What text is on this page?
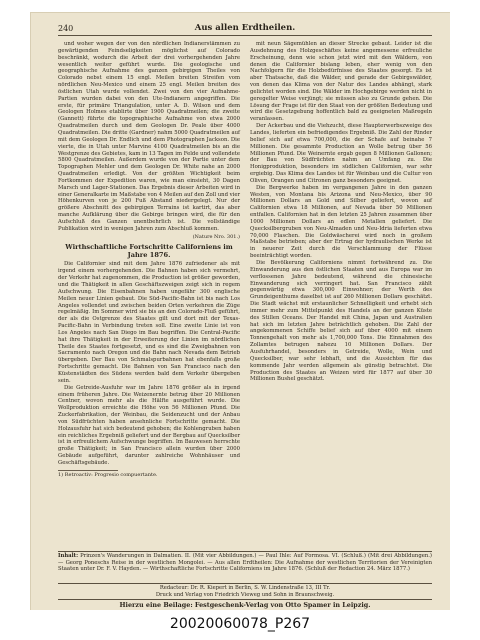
240	Aus allen Erdtheilen.

und woher wegen der von den nördlichen Indianerstämmen zu gewärtigenden Feindseligkeiten möglichst auf Colorado beschränkt, wodurch die Arbeit der drei vorhergehenden Jahre wesentlich weiter geführt wurde. Die geologische und geographische Aufnahme des ganzen gebirgigen Theiles von Colorado nebst einem 15 engl. Meilen breiten Streifen vom nördlichen Neu-Mexico und einem 25 engl. Meilen breiten des östlichen Utah wurde vollendet. Zwei von den vier Aufnahme-Partien wurden dabei von den Ute-Indianern angegriffen. Die erste, für primäre Triangulation, unter A. D. Wilson und dem Geologen Holmes etablirte über 1900 Quadratmeilen; die zweite (Gannett) führte die topographische Aufnahme von etwa 2000 Quadratmeilen durch und dem Geologen Dr. Peale über 4000 Quadratmeilen. Die dritte (Gardner) nahm 5000 Quadratmeilen auf mit dem Geologen Dr. Endlich und dem Photographen Jackson. Die vierte, die in Utah unter Marvine 4100 Quadratmeilen bis an die Westgrenze des Gebietes, kam in 13 Tagen im Felde und vollendete 5800 Quadratmeilen. Außerdem wurde von der Partie unter dem Topographen Mehler und dem Geologen Dr. White nahe an 2000 Quadratmeilen erledigt. Von der größten Wichtigkeit beim Fortkommen der Expedition waren, wie man einsieht, 30 Dagen Marsch und Lager-Stationen. Das Ergebnis dieser Arbeiten wird in einer Generalkarte im Maßstabe von 4 Meilen auf den Zoll und vier Höhenkurven von je 200 Fuß Abstand niedergelegt. Nur der größere Abschnitt des gebirgigen Terrains ist kartirt, das aber manche Aufklärung über die Gebirge bringen wird, die für den Aufschluß des Ganzen unentbehrlich ist. Die vollständige Publikation wird in wenigen Jahren zum Abschluß kommen.

(Nature Nro. 301.)

Wirthschaftliche Fortschritte Californiens im Jahre 1876.

Die Californier sind mit dem Jahre 1876 zufriedener als mit irgend einem vorhergehenden. Die Bahnen haben sich vermehrt, der Verkehr hat zugenommen, die Production ist größer geworden, und die Thätigkeit in allen Geschäftszweigen zeigt sich in regem Aufschwung. Die Eisenbahnen haben ungefähr 300 englische Meilen neuer Linien gebaut. Die Süd-Pacific-Bahn ist bis nach Los Angeles vollendet und zwischen beiden Orten verkehren die Züge regelmäßig. Im Sommer wird sie bis an den Colorado-Fluß geführt, der als die Ostgrenze des Staates gilt und dort mit der Texas-Pacific-Bahn in Verbindung treten soll. Eine zweite Linie ist von Los Angeles nach San Diego im Bau begriffen. Die Central-Pacific hat ihre Thätigkeit in der Erweiterung der Linien im nördlichen Theile des Staates fortgesetzt, und es sind die Zweigbahnen von Sacramento nach Oregon und die Bahn nach Nevada dem Betrieb übergeben. Der Bau von Schmalspurbahnen hat ebenfalls große Fortschritte gemacht. Die Bahnen von San Francisco nach den Küstenstädten des Südens werden bald dem Verkehr übergeben sein.

Die Getreide-Ausfuhr war im Jahre 1876 größer als in irgend einem früheren Jahre. Die Weizenernte betrug über 20 Millionen Centner, wovon mehr als die Hälfte ausgeführt wurde. Die Wollproduktion erreichte die Höhe von 56 Millionen Pfund. Die Zuckerfabrikation, der Weinbau, die Seidenzucht und der Anbau von Südfrüchten haben ansehnliche Fortschritte gemacht. Die Holzausfuhr hat sich bedeutend gehoben; die Kohlengruben haben ein reichliches Ergebniß geliefert und der Bergbau auf Quecksilber ist in erfreulichem Aufschwunge begriffen. Im Bauwesen herrschte große Thätigkeit; in San Francisco allein wurden über 2000 Gebäude aufgeführt, darunter zahlreiche Wohnhäuser und Geschäftsgebäude.

1) Retroactiv: Progresio compuertante.

mit neun Sägemühlen an dieser Strecke gebaut. Leider ist die Ausdehnung des Holzgeschäftes keine angemessene erfreuliche Erscheinung, denn wie schon jetzt wird mit den Wäldern, von denen die Californier bislang leben, eher wenig von den Nachfolgern für die Holzbedürfnisse des Staates gesorgt. Es ist aber Thatsache, daß die Wälder, und gerade der Gebirgswälder, von denen das Klima von der Natur des Landes abhängt, stark gelichtet worden sind. Die Wälder im Hochgebirge werden nicht in geregelter Weise verjüngt; sie müssen also zu Grunde gehen. Die Lösung der Frage ist für den Staat von der größten Bedeutung und wird die Gesetzgebung hoffentlich bald zu geeigneten Maßregeln veranlassen.

Der Ackerbau und die Viehzucht, diese Haupterwerbszweige des Landes, lieferten ein befriedigendes Ergebniß. Die Zahl der Rinder belief sich auf etwa 700,000, die der Schafe auf beinahe 7 Millionen. Die gesammte Production an Wolle betrug über 56 Millionen Pfund. Die Weinernte ergab gegen 8 Millionen Gallonen; der Bau von Südfrüchten nahm an Umfang zu. Die Honigproduktion, besonders im südlichen Californien, war sehr ergiebig. Das Klima des Landes ist für Weinbau und die Cultur von Oliven, Orangen und Citronen ganz besonders geeignet.

Die Bergwerke haben im vergangenen Jahre in den ganzen Westen, von Montana bis Arizona und Neu-Mexico, über 90 Millionen Dollars an Gold und Silber geliefert, wovon auf Californien etwa 18 Millionen, auf Nevada über 50 Millionen entfallen. Californien hat in den letzten 25 Jahren zusammen über 1000 Millionen Dollars an edlen Metallen geliefert. Die Quecksilbergruben von Neu-Almaden und Neu-Idria lieferten etwa 70,000 Flaschen. Die Goldwäscherei wird noch in großem Maßstabe betrieben; aber der Ertrag der hydraulischen Werke ist in neuerer Zeit durch die Verschlammung der Flüsse beeinträchtigt worden.

Die Bevölkerung Californiens nimmt fortwährend zu. Die Einwanderung aus den östlichen Staaten und aus Europa war im verflossenen Jahre bedeutend, während die chinesische Einwanderung sich verringert hat. San Francisco zählt gegenwärtig etwa 300,000 Einwohner; der Werth des Grundeigenthums daselbst ist auf 260 Millionen Dollars geschätzt. Die Stadt wächst mit erstaunlicher Schnelligkeit und erhebt sich immer mehr zum Mittelpunkt des Handels an der ganzen Küste des Stillen Oceans. Der Handel mit China, Japan und Australien hat sich im letzten Jahre beträchtlich gehoben. Die Zahl der angekommenen Schiffe belief sich auf über 4000 mit einem Tonnengehalt von mehr als 1,700,000 Tons. Die Einnahmen des Zollamtes betrugen nahezu 10 Millionen Dollars. Der Ausfuhrhandel, besonders in Getreide, Wolle, Wein und Quecksilber, war sehr lebhaft, und die Aussichten für das kommende Jahr werden allgemein als günstig betrachtet. Die Production des Staates an Weizen wird für 1877 auf über 30 Millionen Bushel geschätzt.

Inhalt: Prinzen's Wanderungen in Dalmatien. II. (Mit vier Abbildungen.) — Paul Ihle: Auf Formosa. VI. (Schluß.) (Mit drei Abbildungen.) — Georg Poneschs Reise in der westlichen Mongolei. — Aus allen Erdtheilen: Die Aufnahme der westlichen Territorien der Vereinigten Staaten unter Dr. F. V. Hayden. — Wirthschaftliche Fortschritte Californiens im Jahre 1876. (Schluß der Redaction 24. März 1877.)
Redacteur: Dr. R. Kiepert in Berlin, S. W. Lindenstraße 13, III Tr.
Druck und Verlag von Friedrich Vieweg und Sohn in Braunschweig.
Hierzu eine Beilage: Festgeschenk-Verlag von Otto Spamer in Leipzig.
20020060078_P267
